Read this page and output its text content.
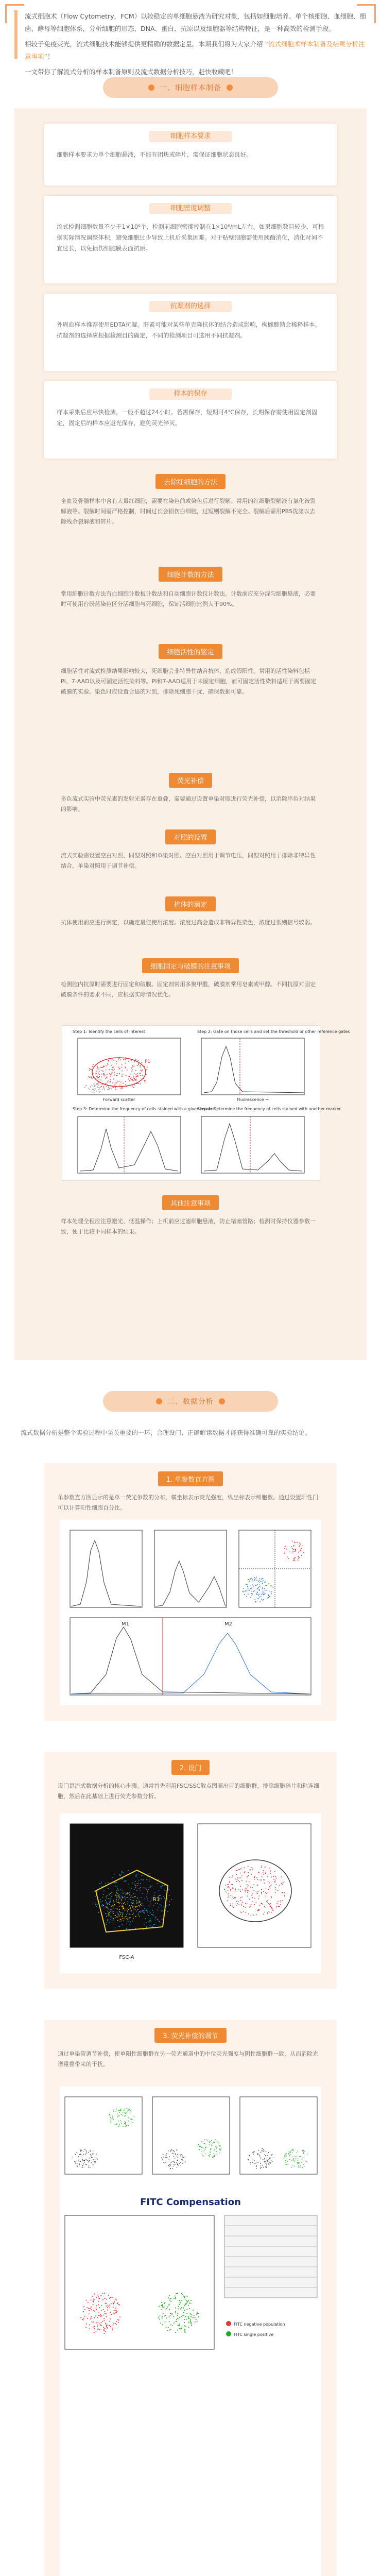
流式细胞术（Flow Cytometry，FCM）以较稳定的单细胞悬液为研究对象，包括如细胞培养、单个核细胞、血细胞、细菌、酵母等细胞体系，分析细胞的形态、DNA、蛋白、抗原以及细胞器等结构特征，是一种高效的检测手段。

相较于免疫荧光，流式细胞技术能够提供更精确的数据定量。本期我们将为大家介绍 “流式细胞术样本制备及结果分析注意事项”！

一文带你了解流式分析的样本制备原则及流式数据分析技巧，赶快收藏吧！

一、细胞样本制备
细胞样本要求

细胞样本要求为单个细胞悬液，不能有团块或碎片，需保证细胞状态良好。

细胞密度调整

流式检测细胞数量不少于1×10⁶个，检测前细胞密度控制在1×10⁶/mL左右。如果细胞数目较少，可根据实际情况调整体积，避免细胞过少导致上机后采集困难。对于贴壁细胞需使用胰酶消化，消化时间不宜过长，以免损伤细胞膜表面抗原。

抗凝剂的选择

外周血样本推荐使用EDTA抗凝。肝素可能对某些单克隆抗体的结合造成影响，枸橼酸钠会稀释样本。抗凝剂的选择应根据检测目的确定，不同的检测项目可选用不同抗凝剂。

样本的保存

样本采集后应尽快检测，一般不超过24小时。若需保存，短期可4℃保存，长期保存需使用固定剂固定，固定后的样本应避光保存，避免荧光淬灭。

去除红细胞的方法

全血及骨髓样本中含有大量红细胞，需要在染色前或染色后进行裂解。常用的红细胞裂解液有氯化铵裂解液等。裂解时间需严格控制，时间过长会损伤白细胞，过短则裂解不完全。裂解后需用PBS洗涤以去除残余裂解液和碎片。

细胞计数的方法

常用细胞计数方法有血细胞计数板计数法和自动细胞计数仪计数法。计数前应充分混匀细胞悬液，必要时可使用台盼蓝染色区分活细胞与死细胞，保证活细胞比例大于90%。

细胞活性的鉴定

细胞活性对流式检测结果影响较大，死细胞会非特异性结合抗体，造成假阳性。常用的活性染料包括PI、7-AAD以及可固定活性染料等。PI和7-AAD适用于未固定细胞，而可固定活性染料适用于需要固定破膜的实验。染色时应设置合适的对照，排除死细胞干扰，确保数据可靠。

荧光补偿

多色流式实验中荧光素的发射光谱存在重叠，需要通过设置单染对照进行荧光补偿，以消除串色对结果的影响。

对照的设置

流式实验需设置空白对照、同型对照和单染对照。空白对照用于调节电压，同型对照用于排除非特异性结合，单染对照用于调节补偿。

抗体的滴定

抗体使用前应进行滴定，以确定最佳使用浓度。浓度过高会造成非特异性染色，浓度过低则信号较弱。

细胞固定与破膜的注意事项

检测胞内抗原时需要进行固定和破膜。固定剂常用多聚甲醛，破膜剂常用皂素或甲醇。不同抗原对固定破膜条件的要求不同，应根据实际情况优化。

Step 1: Identify the cells of interest	Step 2: Gate on those cells and set the threshold or other reference gates
P1
Forward scatter	Fluorescence →
Step 3: Determine the frequency of cells stained with a given marker
Step 4: Determine the frequency of cells stained with another marker
其他注意事项

样本处理全程应注意避光、低温操作；上机前应过滤细胞悬液，防止堵塞管路；检测时保持仪器参数一致，便于比较不同样本的结果。

二、数据分析

流式数据分析是整个实验过程中至关重要的一环，合理设门、正确解读数据才能获得准确可靠的实验结论。

1. 单参数直方图

单参数直方图显示的是单一荧光参数的分布，横坐标表示荧光强度，纵坐标表示细胞数。通过设置阳性门可以计算阳性细胞百分比。

M1	M2
2. 设门

设门是流式数据分析的核心步骤。通常首先利用FSC/SSC散点图圈出目的细胞群，排除细胞碎片和粘连细胞，然后在此基础上进行荧光参数分析。

FSC-A
R1
3. 荧光补偿的调节

通过单染管调节补偿，使单阳性细胞群在另一荧光通道中的中位荧光强度与阴性细胞群一致，从而消除光谱重叠带来的干扰。

FITC Compensation
FITC negative population
FITC single positive
